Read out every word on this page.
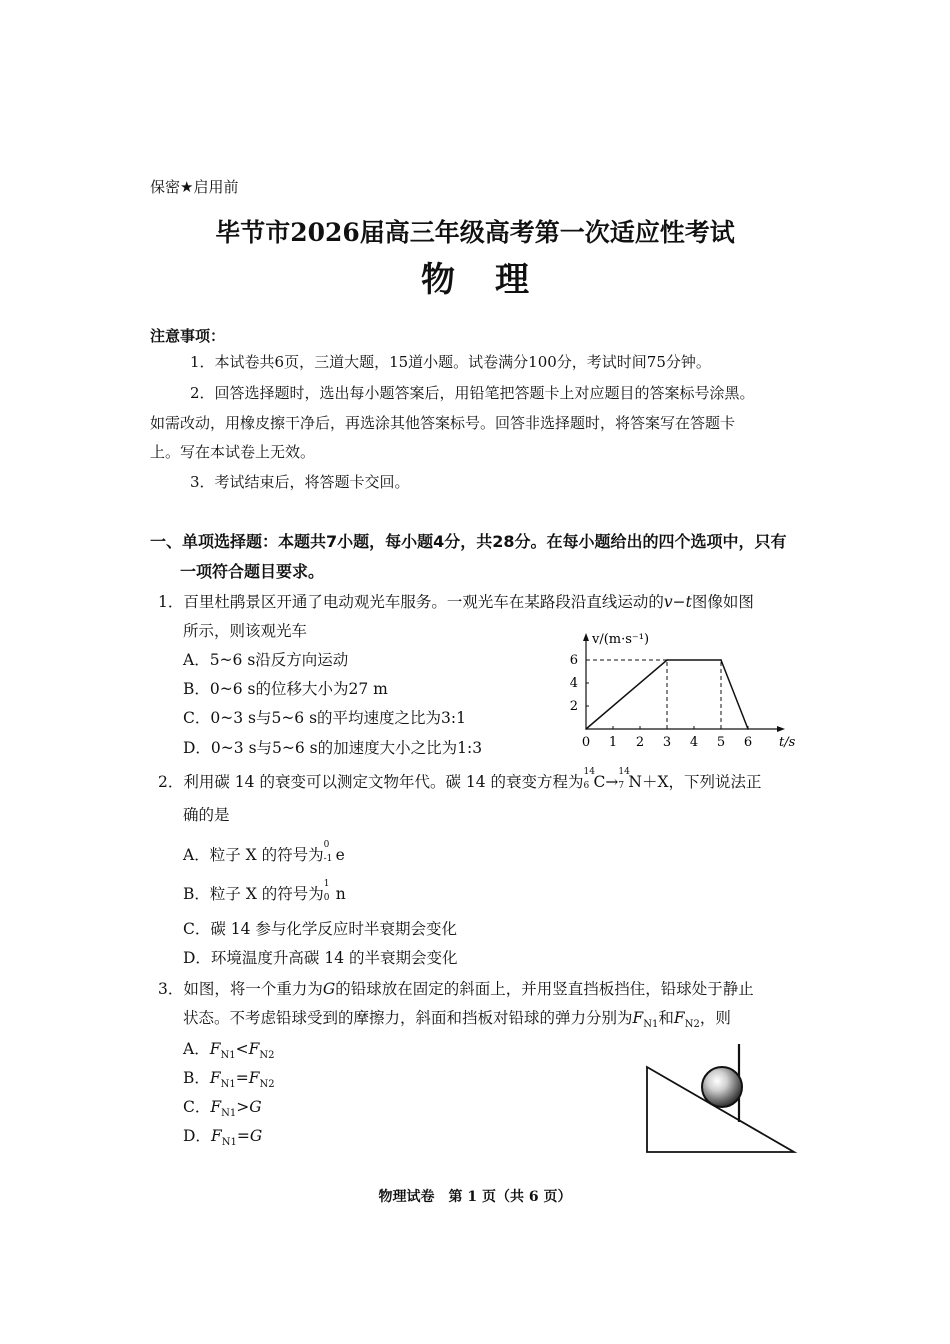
保密★启用前
毕节市2026届高三年级高考第一次适应性考试
物理
注意事项：
1．本试卷共6页，三道大题，15道小题。试卷满分100分，考试时间75分钟。
2．回答选择题时，选出每小题答案后，用铅笔把答题卡上对应题目的答案标号涂黑。
如需改动，用橡皮擦干净后，再选涂其他答案标号。回答非选择题时，将答案写在答题卡
上。写在本试卷上无效。
3．考试结束后，将答题卡交回。
一、单项选择题：本题共7小题，每小题4分，共28分。在每小题给出的四个选项中，只有
一项符合题目要求。
1．百里杜鹃景区开通了电动观光车服务。一观光车在某路段沿直线运动的v−t图像如图
所示，则该观光车
A．5~6 s沿反方向运动
B．0~6 s的位移大小为27 m
C．0~3 s与5~6 s的平均速度之比为3:1
D．0~3 s与5~6 s的加速度大小之比为1:3	0 1 2 3 4 5 6
2
4
6
v/(m·s⁻¹)
t/s
2．利用碳 14 的衰变可以测定文物年代。碳 14 的衰变方程为
14
6 C→
14
7 N＋X，下列说法正
确的是
A．粒子 X 的符号为
0
-1 e
B．粒子 X 的符号为
1
0 n
C．碳 14 参与化学反应时半衰期会变化
D．环境温度升高碳 14 的半衰期会变化
3．如图，将一个重力为G的铅球放在固定的斜面上，并用竖直挡板挡住，铅球处于静止
状态。不考虑铅球受到的摩擦力，斜面和挡板对铅球的弹力分别为$F_{N1}$和$F_{N2}$，则
A．$F_{N1}<F_{N2}$
B．$F_{N1}=F_{N2}$
C．$F_{N1}>G$
D．$F_{N1}=G$
物理试卷　第 1 页（共 6 页）
